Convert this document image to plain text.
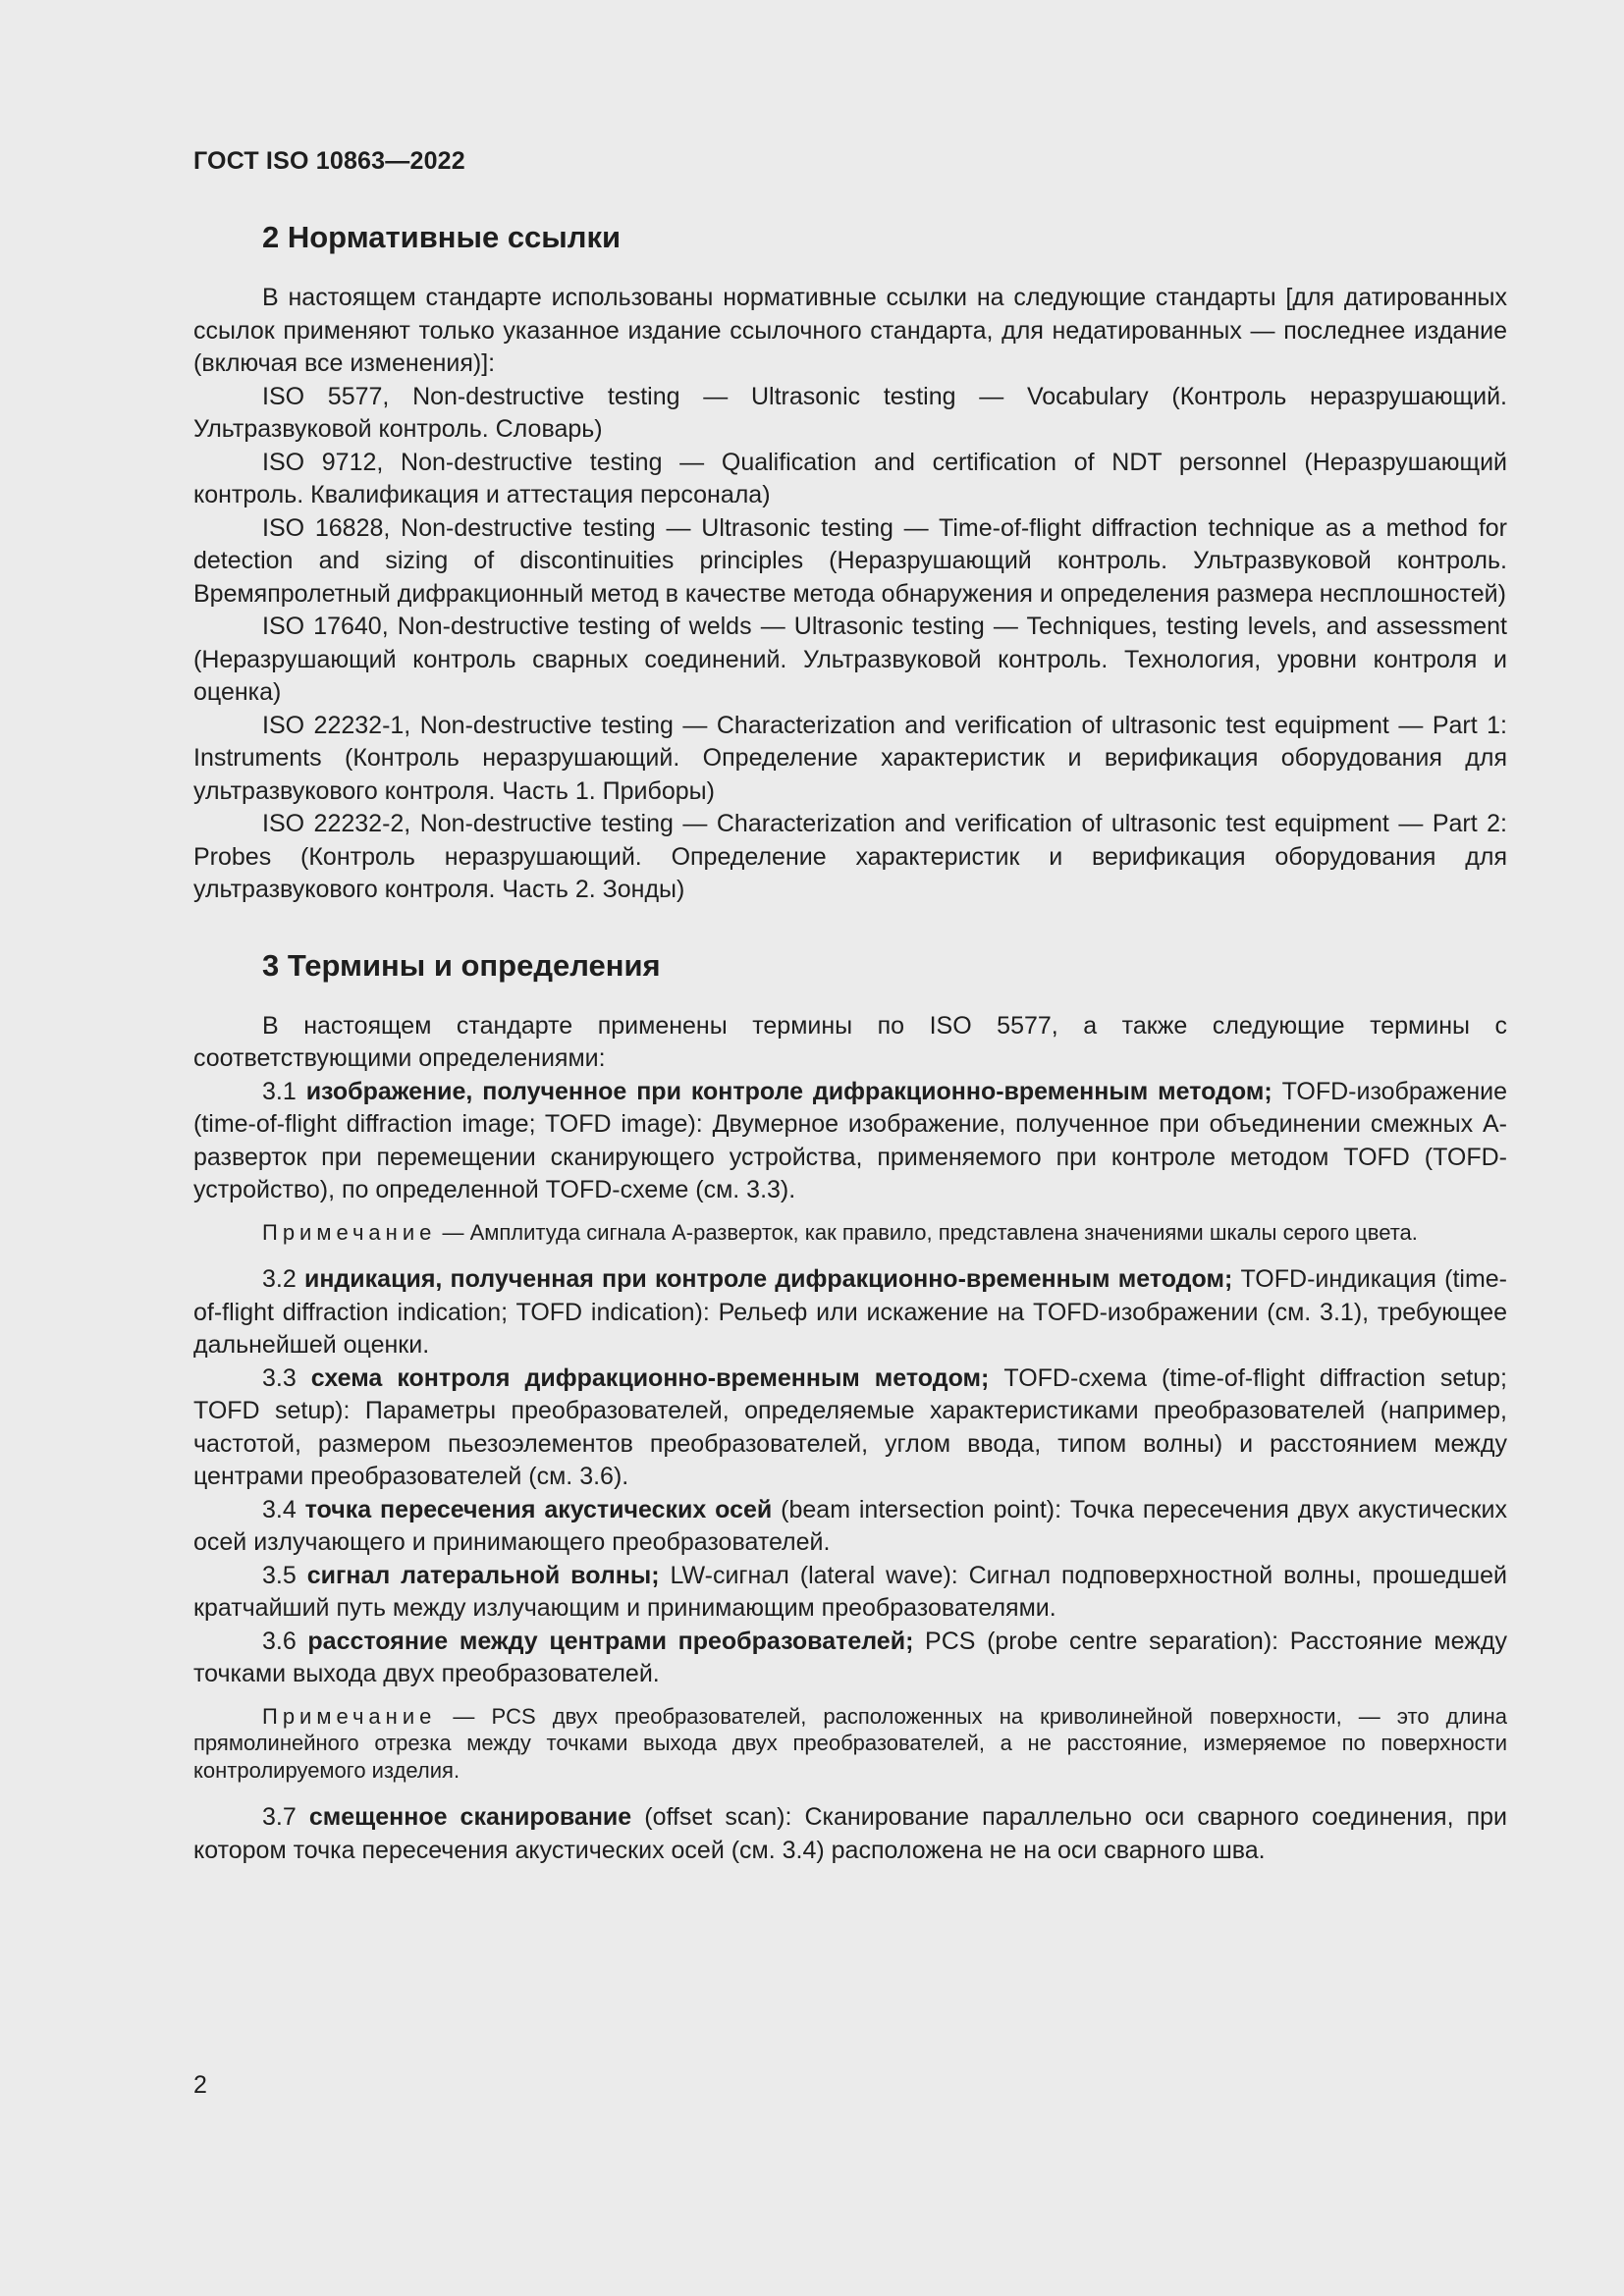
ГОСТ ISO 10863—2022
2 Нормативные ссылки

В настоящем стандарте использованы нормативные ссылки на следующие стандарты [для датированных ссылок применяют только указанное издание ссылочного стандарта, для недатированных — последнее издание (включая все изменения)]:

ISO 5577, Non-destructive testing — Ultrasonic testing — Vocabulary (Контроль неразрушающий. Ультразвуковой контроль. Словарь)

ISO 9712, Non-destructive testing — Qualification and certification of NDT personnel (Неразрушающий контроль. Квалификация и аттестация персонала)

ISO 16828, Non-destructive testing — Ultrasonic testing — Time-of-flight diffraction technique as a method for detection and sizing of discontinuities principles (Неразрушающий контроль. Ультразвуковой контроль. Времяпролетный дифракционный метод в качестве метода обнаружения и определения размера несплошностей)

ISO 17640, Non-destructive testing of welds — Ultrasonic testing — Techniques, testing levels, and assessment (Неразрушающий контроль сварных соединений. Ультразвуковой контроль. Технология, уровни контроля и оценка)

ISO 22232-1, Non-destructive testing — Characterization and verification of ultrasonic test equipment — Part 1: Instruments (Контроль неразрушающий. Определение характеристик и верификация оборудования для ультразвукового контроля. Часть 1. Приборы)

ISO 22232-2, Non-destructive testing — Characterization and verification of ultrasonic test equipment — Part 2: Probes (Контроль неразрушающий. Определение характеристик и верификация оборудования для ультразвукового контроля. Часть 2. Зонды)

3 Термины и определения

В настоящем стандарте применены термины по ISO 5577, а также следующие термины с соответствующими определениями:

3.1 изображение, полученное при контроле дифракционно-временным методом; TOFD-изображение (time-of-flight diffraction image; TOFD image): Двумерное изображение, полученное при объединении смежных А-разверток при перемещении сканирующего устройства, применяемого при контроле методом TOFD (TOFD-устройство), по определенной TOFD-схеме (см. 3.3).

Примечание — Амплитуда сигнала А-разверток, как правило, представлена значениями шкалы серого цвета.

3.2 индикация, полученная при контроле дифракционно-временным методом; TOFD-индикация (time-of-flight diffraction indication; TOFD indication): Рельеф или искажение на TOFD-изображении (см. 3.1), требующее дальнейшей оценки.

3.3 схема контроля дифракционно-временным методом; TOFD-схема (time-of-flight diffraction setup; TOFD setup): Параметры преобразователей, определяемые характеристиками преобразователей (например, частотой, размером пьезоэлементов преобразователей, углом ввода, типом волны) и расстоянием между центрами преобразователей (см. 3.6).

3.4 точка пересечения акустических осей (beam intersection point): Точка пересечения двух акустических осей излучающего и принимающего преобразователей.

3.5 сигнал латеральной волны; LW-сигнал (lateral wave): Сигнал подповерхностной волны, прошедшей кратчайший путь между излучающим и принимающим преобразователями.

3.6 расстояние между центрами преобразователей; PCS (probe centre separation): Расстояние между точками выхода двух преобразователей.

Примечание — PCS двух преобразователей, расположенных на криволинейной поверхности, — это длина прямолинейного отрезка между точками выхода двух преобразователей, а не расстояние, измеряемое по поверхности контролируемого изделия.

3.7 смещенное сканирование (offset scan): Сканирование параллельно оси сварного соединения, при котором точка пересечения акустических осей (см. 3.4) расположена не на оси сварного шва.

2
